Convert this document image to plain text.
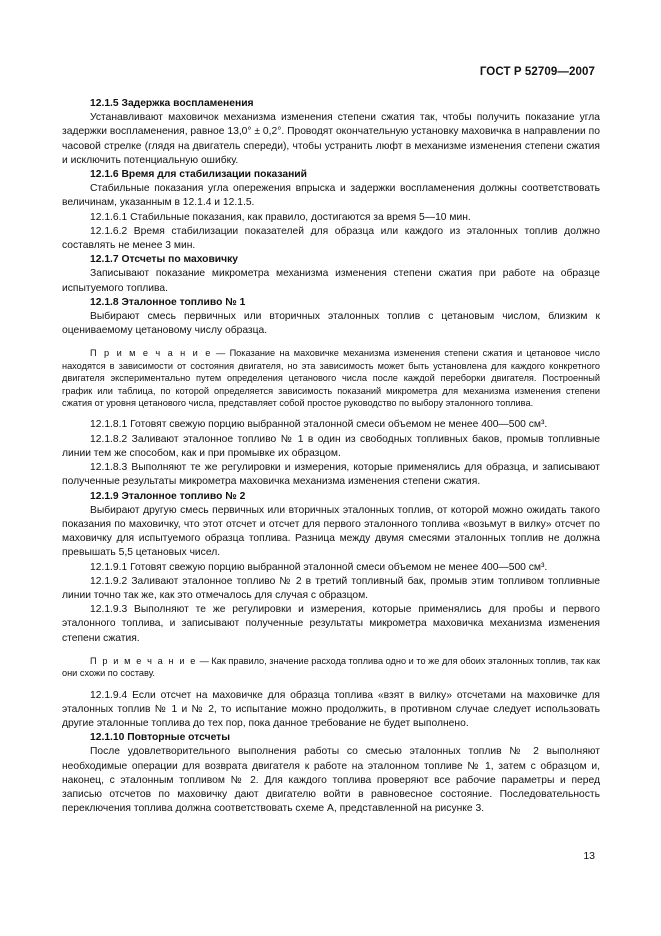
ГОСТ Р 52709—2007

12.1.5 Задержка воспламенения

Устанавливают маховичок механизма изменения степени сжатия так, чтобы получить показание угла задержки воспламенения, равное 13,0° ± 0,2°. Проводят окончательную установку маховичка в направлении по часовой стрелке (глядя на двигатель спереди), чтобы устранить люфт в механизме изменения степени сжатия и исключить потенциальную ошибку.

12.1.6 Время для стабилизации показаний

Стабильные показания угла опережения впрыска и задержки воспламенения должны соответствовать величинам, указанным в 12.1.4 и 12.1.5.

12.1.6.1 Стабильные показания, как правило, достигаются за время 5—10 мин.

12.1.6.2 Время стабилизации показателей для образца или каждого из эталонных топлив должно составлять не менее 3 мин.

12.1.7 Отсчеты по маховичку

Записывают показание микрометра механизма изменения степени сжатия при работе на образце испытуемого топлива.

12.1.8 Эталонное топливо № 1

Выбирают смесь первичных или вторичных эталонных топлив с цетановым числом, близким к оцениваемому цетановому числу образца.

П р и м е ч а н и е — Показание на маховичке механизма изменения степени сжатия и цетановое число находятся в зависимости от состояния двигателя, но эта зависимость может быть установлена для каждого конкретного двигателя экспериментально путем определения цетанового числа после каждой переборки двигателя. Построенный график или таблица, по которой определяется зависимость показаний микрометра для механизма изменения степени сжатия от уровня цетанового числа, представляет собой простое руководство по выбору эталонного топлива.

12.1.8.1 Готовят свежую порцию выбранной эталонной смеси объемом не менее 400—500 см³.

12.1.8.2 Заливают эталонное топливо № 1 в один из свободных топливных баков, промыв топливные линии тем же способом, как и при промывке их образцом.

12.1.8.3 Выполняют те же регулировки и измерения, которые применялись для образца, и записывают полученные результаты микрометра маховичка механизма изменения степени сжатия.

12.1.9 Эталонное топливо № 2

Выбирают другую смесь первичных или вторичных эталонных топлив, от которой можно ожидать такого показания по маховичку, что этот отсчет и отсчет для первого эталонного топлива «возьмут в вилку» отсчет по маховичку для испытуемого образца топлива. Разница между двумя смесями эталонных топлив не должна превышать 5,5 цетановых чисел.

12.1.9.1 Готовят свежую порцию выбранной эталонной смеси объемом не менее 400—500 см³.

12.1.9.2 Заливают эталонное топливо № 2 в третий топливный бак, промыв этим топливом топливные линии точно так же, как это отмечалось для случая с образцом.

12.1.9.3 Выполняют те же регулировки и измерения, которые применялись для пробы и первого эталонного топлива, и записывают полученные результаты микрометра маховичка механизма изменения степени сжатия.

П р и м е ч а н и е — Как правило, значение расхода топлива одно и то же для обоих эталонных топлив, так как они схожи по составу.

12.1.9.4 Если отсчет на маховичке для образца топлива «взят в вилку» отсчетами на маховичке для эталонных топлив № 1 и № 2, то испытание можно продолжить, в противном случае следует использовать другие эталонные топлива до тех пор, пока данное требование не будет выполнено.

12.1.10 Повторные отсчеты

После удовлетворительного выполнения работы со смесью эталонных топлив № 2 выполняют необходимые операции для возврата двигателя к работе на эталонном топливе № 1, затем с образцом и, наконец, с эталонным топливом № 2. Для каждого топлива проверяют все рабочие параметры и перед записью отсчетов по маховичку дают двигателю войти в равновесное состояние. Последовательность переключения топлива должна соответствовать схеме А, представленной на рисунке 3.

13
